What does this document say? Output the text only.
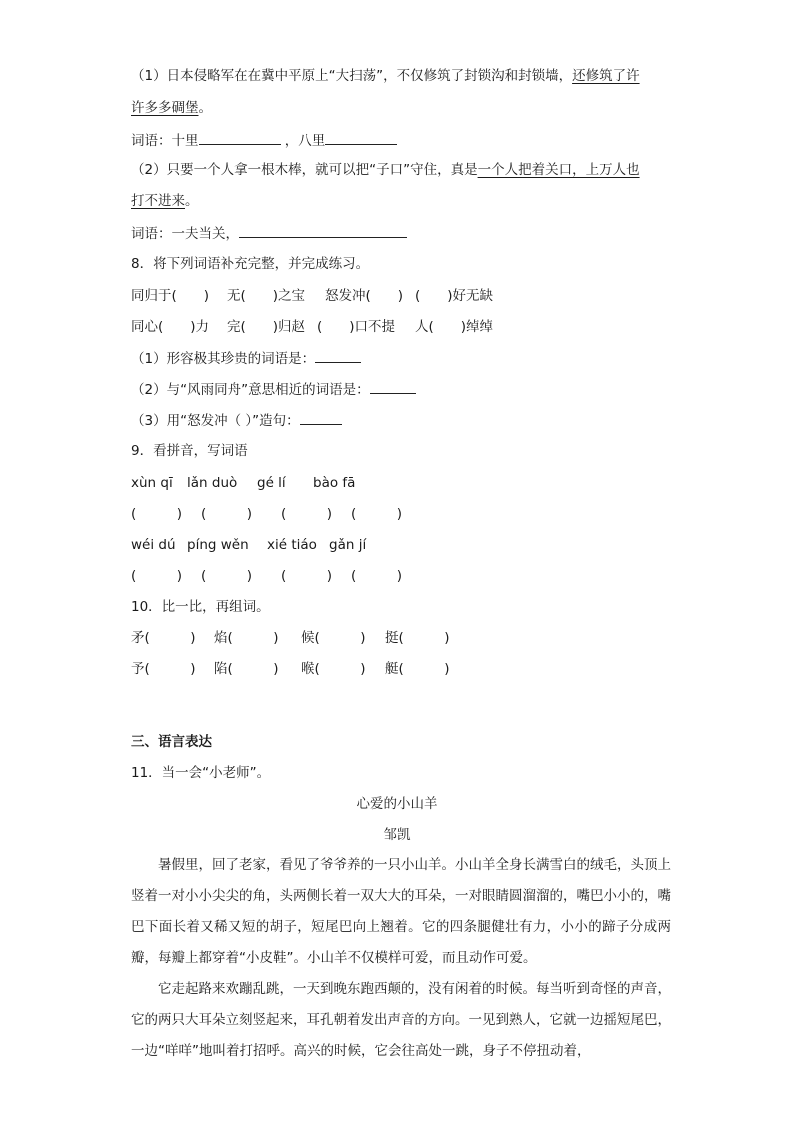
（1）日本侵略军在在冀中平原上“大扫荡”，不仅修筑了封锁沟和封锁墙，还修筑了许
许多多碉堡。
词语：十里	，八里
（2）只要一个人拿一根木棒，就可以把“子口”守住，真是一个人把着关口，上万人也
打不进来。
词语：一夫当关，
8．将下列词语补充完整，并完成练习。
同归于(　　) 无(　　)之宝 怒发冲(　　) (　　)好无缺
同心(　　)力 完(　　)归赵 (　　)口不提 人(　　)绰绰
（1）形容极其珍贵的词语是：
（2）与“风雨同舟”意思相近的词语是：
（3）用“怒发冲（ ）”造句：
9．看拼音，写词语
xùn qī lǎn duò gé lí bào fā
(　　　) (　　　) (　　　) (　　　)
wéi dú píng wěn xié tiáo gǎn jí
(　　　) (　　　) (　　　) (　　　)
10．比一比，再组词。
矛(　　　) 焰(　　　) 候(　　　) 挺(　　　)
予(　　　) 陷(　　　) 喉(　　　) 艇(　　　)
三、语言表达
11．当一会“小老师”。
心爱的小山羊
邹凯
暑假里，回了老家，看见了爷爷养的一只小山羊。小山羊全身长满雪白的绒毛，头顶上竖着一对小小尖尖的角，头两侧长着一双大大的耳朵，一对眼睛圆溜溜的，嘴巴小小的，嘴巴下面长着又稀又短的胡子，短尾巴向上翘着。它的四条腿健壮有力，小小的蹄子分成两瓣，每瓣上都穿着“小皮鞋”。小山羊不仅模样可爱，而且动作可爱。
它走起路来欢蹦乱跳，一天到晚东跑西颠的，没有闲着的时候。每当听到奇怪的声音，它的两只大耳朵立刻竖起来，耳孔朝着发出声音的方向。一见到熟人，它就一边摇短尾巴，一边“咩咩”地叫着打招呼。高兴的时候，它会往高处一跳，身子不停扭动着，
